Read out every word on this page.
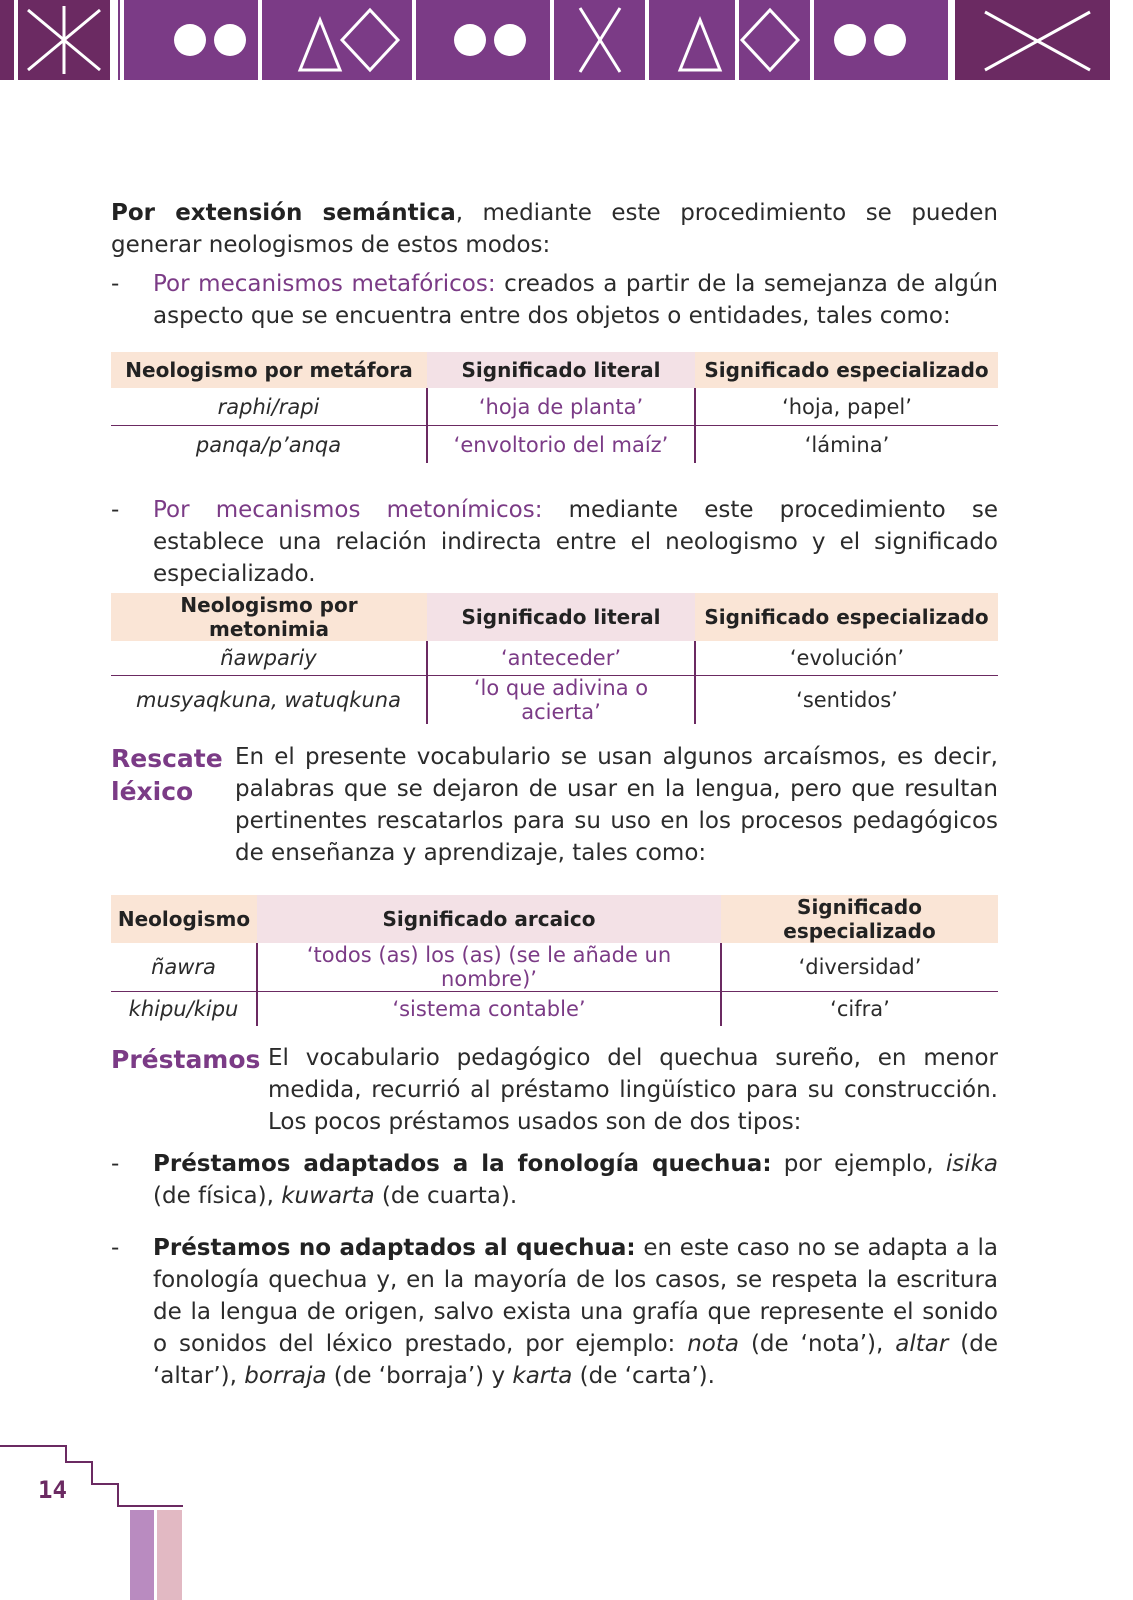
Por extensión semántica, mediante este procedimiento se pueden generar neologismos de estos modos:

- Por mecanismos metafóricos: creados a partir de la semejanza de algún aspecto que se encuentra entre dos objetos o entidades, tales como:
Neologismo por metáfora	Significado literal	Significado especializado
raphi/rapi	‘hoja de planta’	‘hoja, papel’
panqa/p’anqa	‘envoltorio del maíz’	‘lámina’
- Por mecanismos metonímicos: mediante este procedimiento se establece una relación indirecta entre el neologismo y el significado especializado.
Neologismo por metonimia	Significado literal	Significado especializado
ñawpariy	‘anteceder’	‘evolución’
musyaqkuna, watuqkuna	‘lo que adivina o acierta’	‘sentidos’
Rescate
léxico

En el presente vocabulario se usan algunos arcaísmos, es decir, palabras que se dejaron de usar en la lengua, pero que resultan pertinentes rescatarlos para su uso en los procesos pedagógicos de enseñanza y aprendizaje, tales como:

Neologismo	Significado arcaico	Significado especializado
ñawra	‘todos (as) los (as) (se le añade un nombre)’	‘diversidad’
khipu/kipu	‘sistema contable’	‘cifra’
Préstamos El vocabulario pedagógico del quechua sureño, en menor medida, recurrió al préstamo lingüístico para su construcción. Los pocos préstamos usados son de dos tipos:

- Préstamos adaptados a la fonología quechua: por ejemplo, isika (de física), kuwarta (de cuarta).
- Préstamos no adaptados al quechua: en este caso no se adapta a la fonología quechua y, en la mayoría de los casos, se respeta la escritura de la lengua de origen, salvo exista una grafía que represente el sonido o sonidos del léxico prestado, por ejemplo: nota (de ‘nota’), altar (de ‘altar’), borraja (de ‘borraja’) y karta (de ‘carta’).
14
